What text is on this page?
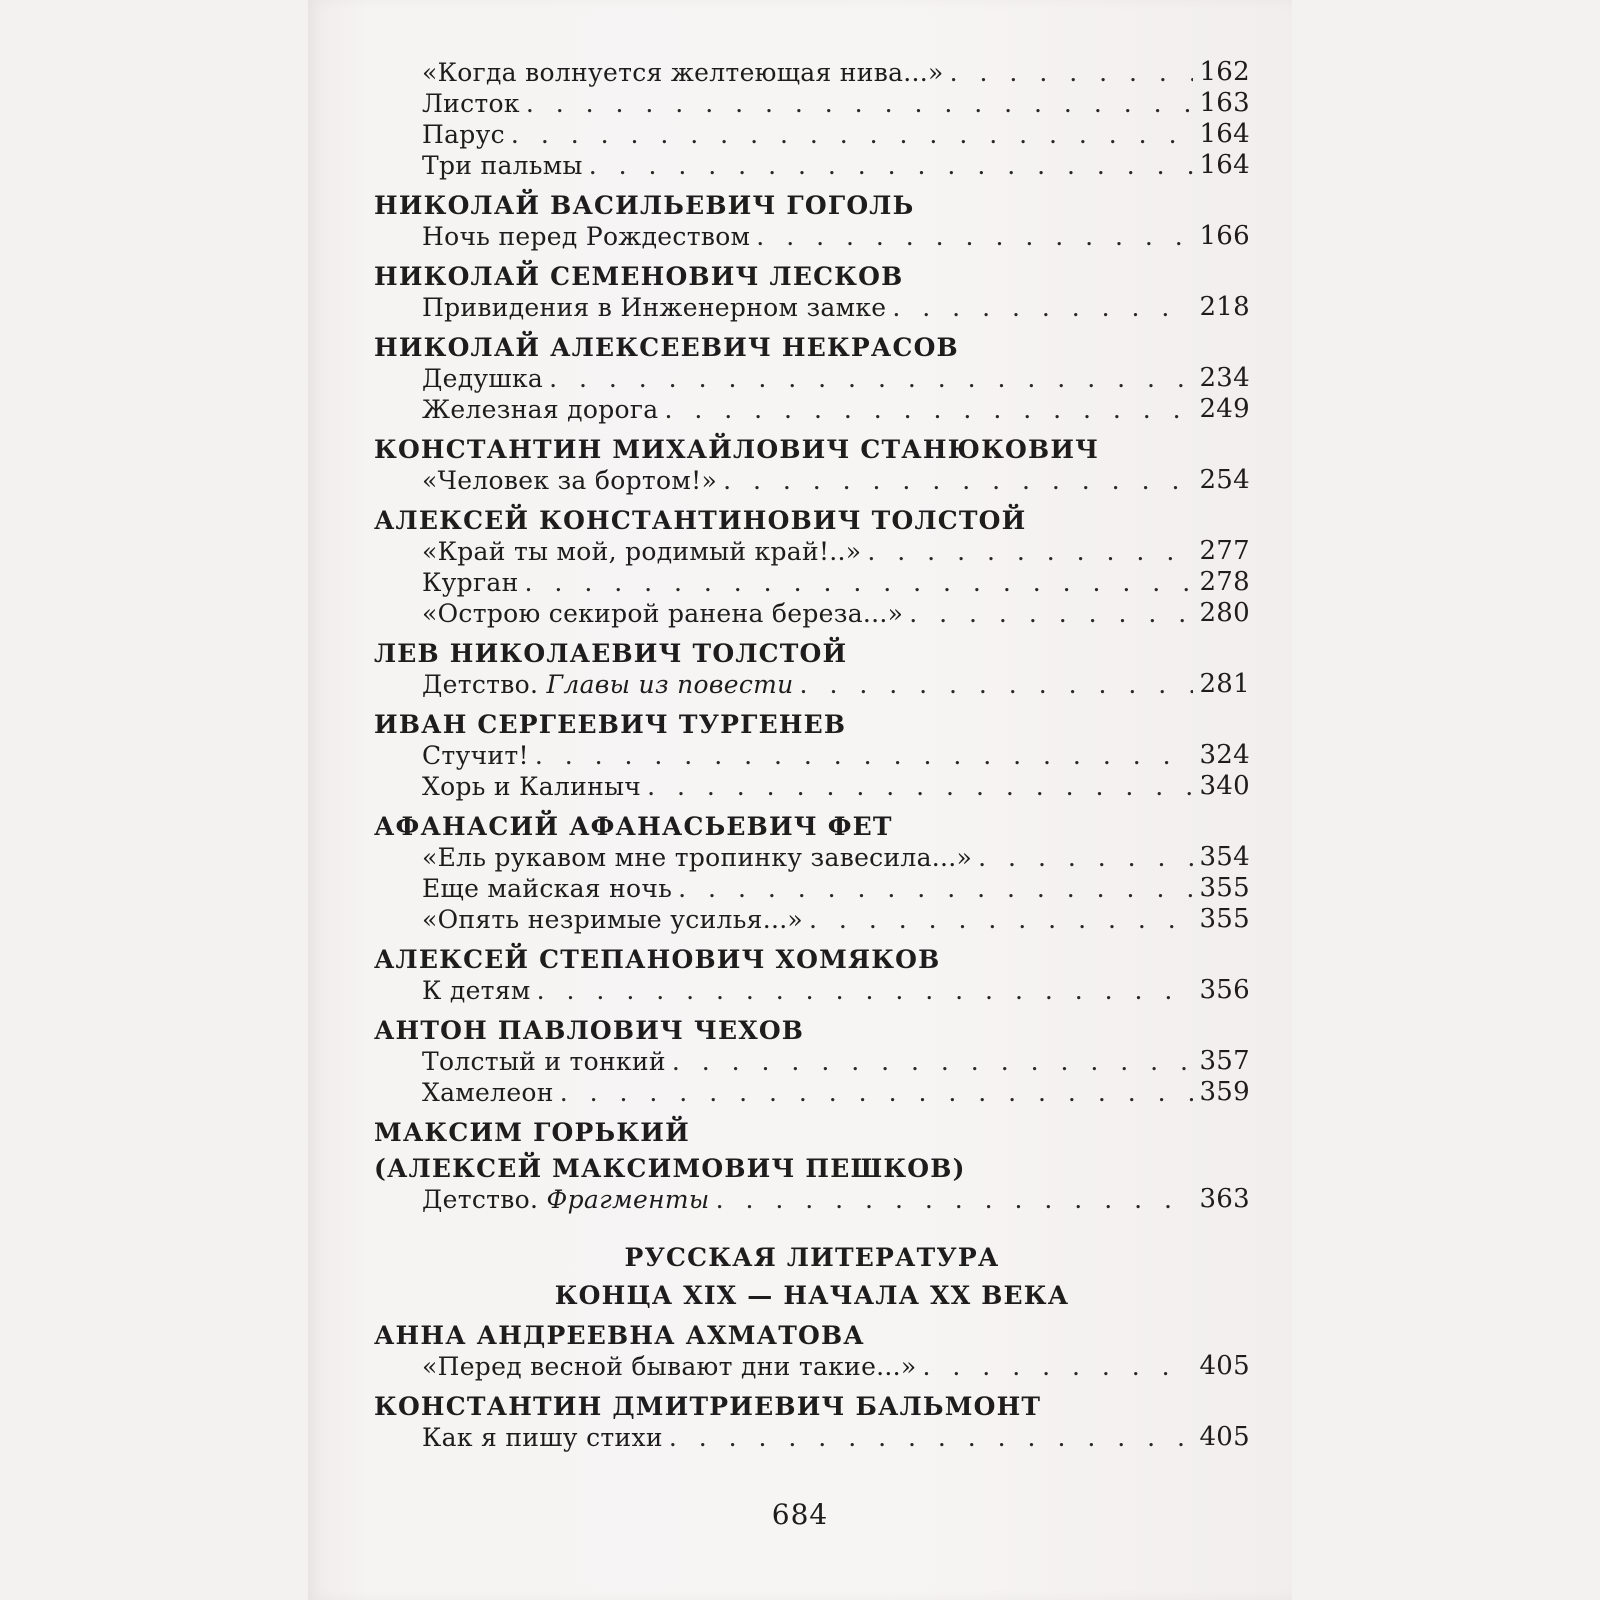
«Когда волнуется желтеющая нива...» . . .	162
Листок . . .	163
Парус . . .	164
Три пальмы . . .	164
НИКОЛАЙ ВАСИЛЬЕВИЧ ГОГОЛЬ
Ночь перед Рождеством . . .	166
НИКОЛАЙ СЕМЕНОВИЧ ЛЕСКОВ
Привидения в Инженерном замке . . .	218
НИКОЛАЙ АЛЕКСЕЕВИЧ НЕКРАСОВ
Дедушка . . .	234
Железная дорога . . .	249
КОНСТАНТИН МИХАЙЛОВИЧ СТАНЮКОВИЧ
«Человек за бортом!» . . .	254
АЛЕКСЕЙ КОНСТАНТИНОВИЧ ТОЛСТОЙ
«Край ты мой, родимый край!..» . . .	277
Курган . . .	278
«Острою секирой ранена береза...» . . .	280
ЛЕВ НИКОЛАЕВИЧ ТОЛСТОЙ
Детство. Главы из повести . . .	281
ИВАН СЕРГЕЕВИЧ ТУРГЕНЕВ
Стучит! . . .	324
Хорь и Калиныч . . .	340
АФАНАСИЙ АФАНАСЬЕВИЧ ФЕТ
«Ель рукавом мне тропинку завесила...» . . .	354
Еще майская ночь . . .	355
«Опять незримые усилья...» . . .	355
АЛЕКСЕЙ СТЕПАНОВИЧ ХОМЯКОВ
К детям . . .	356
АНТОН ПАВЛОВИЧ ЧЕХОВ
Толстый и тонкий . . .	357
Хамелеон . . .	359
МАКСИМ ГОРЬКИЙ
(АЛЕКСЕЙ МАКСИМОВИЧ ПЕШКОВ)
Детство. Фрагменты . . .	363
РУССКАЯ ЛИТЕРАТУРА
КОНЦА XIX — НАЧАЛА XX ВЕКА
АННА АНДРЕЕВНА АХМАТОВА
«Перед весной бывают дни такие...» . . .	405
КОНСТАНТИН ДМИТРИЕВИЧ БАЛЬМОНТ
Как я пишу стихи . . .	405
684
